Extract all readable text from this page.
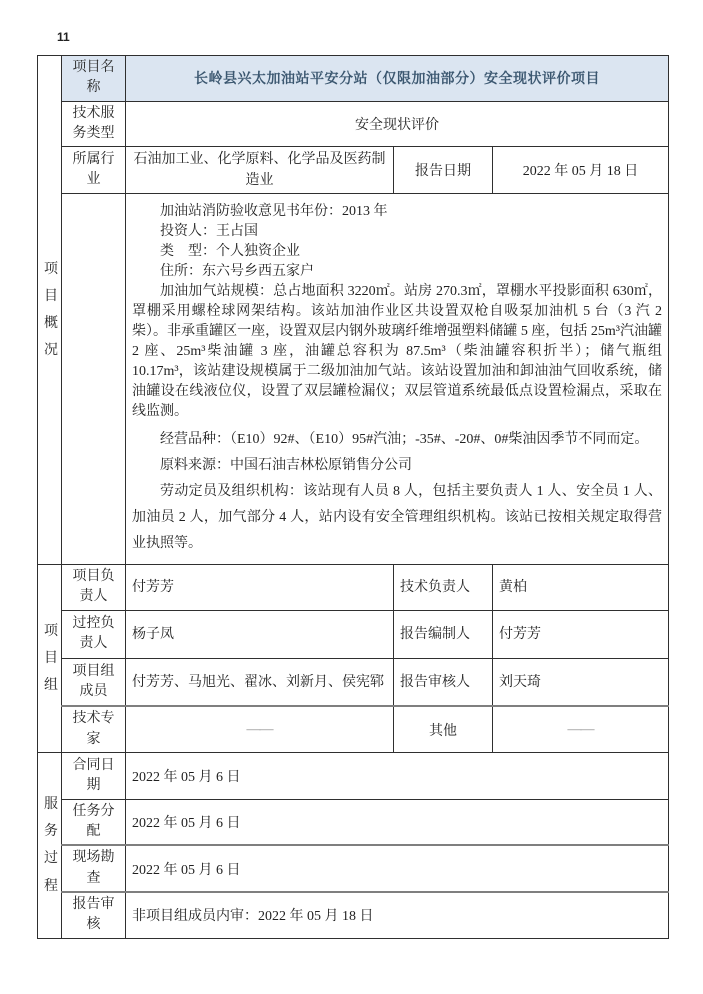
11
项目概况	项目名称	长岭县兴太加油站平安分站（仅限加油部分）安全现状评价项目		
	技术服务类型	安全现状评价		
	所属行业	石油加工业、化学原料、化学品及医药制造业	报告日期	2022 年 05 月 18 日

加油站消防验收意见书年份：2013 年

投资人：王占国

类　型：个人独资企业

住所：东六号乡西五家户

加油加气站规模：总占地面积 3220㎡。站房 270.3㎡，罩棚水平投影面积 630㎡，罩棚采用螺栓球网架结构。该站加油作业区共设置双枪自吸泵加油机 5 台（3 汽 2 柴）。非承重罐区一座，设置双层内钢外玻璃纤维增强塑料储罐 5 座，包括 25m³汽油罐 2 座、25m³柴油罐 3 座，油罐总容积为 87.5m³（柴油罐容积折半）；储气瓶组 10.17m³，该站建设规模属于二级加油加气站。该站设置加油和卸油油气回收系统，储油罐设在线液位仪，设置了双层罐检漏仪；双层管道系统最低点设置检漏点，采取在线监测。

经营品种：（E10）92#、（E10）95#汽油；-35#、-20#、0#柴油因季节不同而定。

原料来源：中国石油吉林松原销售分公司

劳动定员及组织机构：该站现有人员 8 人，包括主要负责人 1 人、安全员 1 人、加油员 2 人，加气部分 4 人，站内设有安全管理组织机构。该站已按相关规定取得营业执照等。

项目组	项目负责人	付芳芳	技术负责人	黄柏
	过控负责人	杨子凤	报告编制人	付芳芳
	项目组成员	付芳芳、马旭光、翟冰、刘新月、侯宪郓	报告审核人	刘天琦
	技术专家	——	其他	——

服务过程	合同日期	2022 年 05 月 6 日		
	任务分配	2022 年 05 月 6 日		
	现场勘查	2022 年 05 月 6 日		
	报告审核	非项目组成员内审：2022 年 05 月 18 日		
